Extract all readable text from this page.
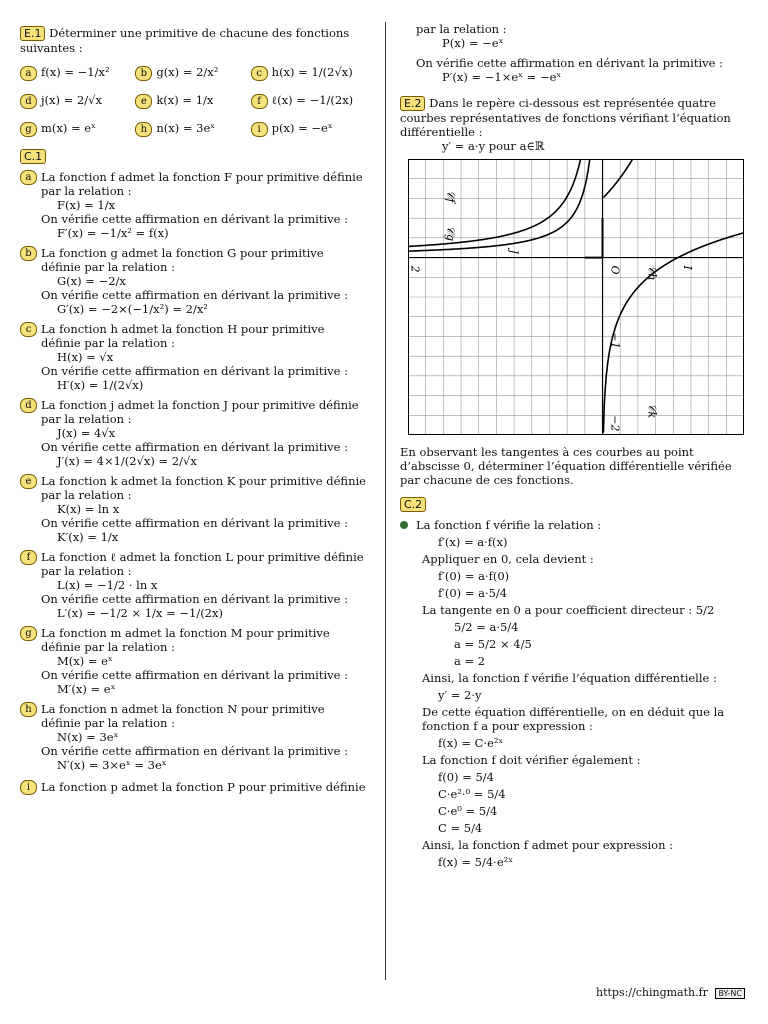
E.1 Déterminer une primitive de chacune des fonctions suivantes :
a f(x) = −1/x²	b g(x) = 2/x²	c h(x) = 1/(2√x)
d j(x) = 2/√x	e k(x) = 1/x	f ℓ(x) = −1/(2x)
g m(x) = eˣ	h n(x) = 3eˣ	i p(x) = −eˣ
C.1
a La fonction f admet la fonction F pour primitive définie par la relation :
F(x) = 1/x
On vérifie cette affirmation en dérivant la primitive :
F′(x) = −1/x² = f(x)
b La fonction g admet la fonction G pour primitive définie par la relation :
G(x) = −2/x
On vérifie cette affirmation en dérivant la primitive :
G′(x) = −2×(−1/x²) = 2/x²
c La fonction h admet la fonction H pour primitive définie par la relation :
H(x) = √x
On vérifie cette affirmation en dérivant la primitive :
H′(x) = 1/(2√x)
d La fonction j admet la fonction J pour primitive définie par la relation :
J(x) = 4√x
On vérifie cette affirmation en dérivant la primitive :
J′(x) = 4×1/(2√x) = 2/√x
e La fonction k admet la fonction K pour primitive définie par la relation :
K(x) = ln x
On vérifie cette affirmation en dérivant la primitive :
K′(x) = 1/x
f La fonction ℓ admet la fonction L pour primitive définie par la relation :
L(x) = −1/2 · ln x
On vérifie cette affirmation en dérivant la primitive :
L′(x) = −1/2 × 1/x = −1/(2x)
g La fonction m admet la fonction M pour primitive définie par la relation :
M(x) = eˣ
On vérifie cette affirmation en dérivant la primitive :
M′(x) = eˣ
h La fonction n admet la fonction N pour primitive définie par la relation :
N(x) = 3eˣ
On vérifie cette affirmation en dérivant la primitive :
N′(x) = 3×eˣ = 3eˣ
i La fonction p admet la fonction P pour primitive définie
par la relation :
P(x) = −eˣ
On vérifie cette affirmation en dérivant la primitive :
P′(x) = −1×eˣ = −eˣ
E.2 Dans le repère ci-dessous est représentée quatre courbes représentatives de fonctions vérifiant l’équation différentielle :
y′ = a·y pour a∈ℝ
𝒞f
𝒞g
𝒞h
𝒞k
J
2	O
−1
−2
I
En observant les tangentes à ces courbes au point d’abscisse 0, déterminer l’équation différentielle vérifiée par chacune de ces fonctions.
C.2
La fonction f vérifie la relation :
f′(x) = a·f(x)
Appliquer en 0, cela devient :
f′(0) = a·f(0)
f′(0) = a·5/4
La tangente en 0 a pour coefficient directeur : 5/2
5/2 = a·5/4
a = 5/2 × 4/5
a = 2
Ainsi, la fonction f vérifie l’équation différentielle :
y′ = 2·y
De cette équation différentielle, on en déduit que la fonction f a pour expression :
f(x) = C·e²ˣ
La fonction f doit vérifier également :
f(0) = 5/4
C·e²·⁰ = 5/4
C·e⁰ = 5/4
C = 5/4
Ainsi, la fonction f admet pour expression :
f(x) = 5/4·e²ˣ
https://chingmath.fr BY-NC
